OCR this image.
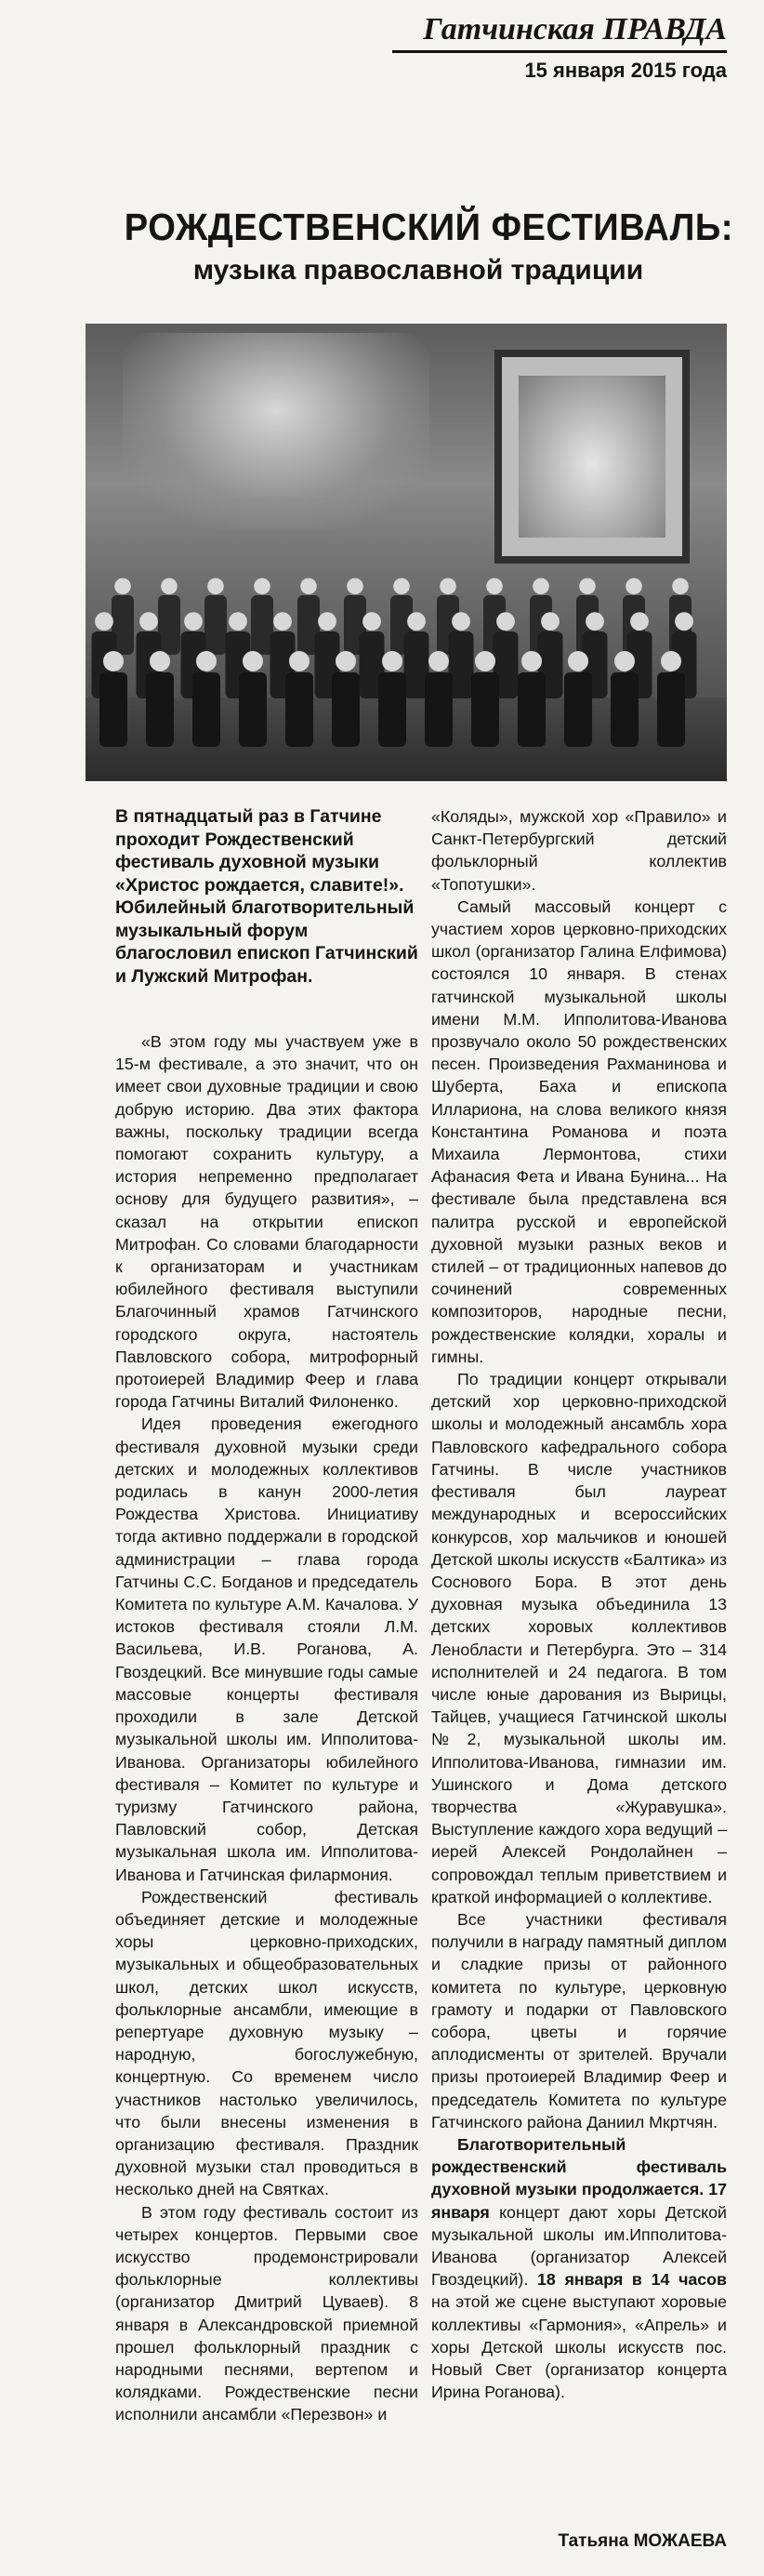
Гатчинская ПРАВДА
15 января 2015 года
РОЖДЕСТВЕНСКИЙ ФЕСТИВАЛЬ:
музыка православной традиции

В пятнадцатый раз в Гатчине проходит Рождественский фестиваль духовной музыки «Христос рождается, славите!». Юбилейный благотворительный музыкальный форум благословил епископ Гатчинский и Лужский Митрофан.

«В этом году мы участвуем уже в 15-м фестивале, а это значит, что он имеет свои духовные традиции и свою добрую историю. Два этих фактора важны, поскольку традиции всегда помогают сохранить культуру, а история непременно предполагает основу для будущего развития», – сказал на открытии епископ Митрофан. Со словами благодарности к организаторам и участникам юбилейного фестиваля выступили Благочинный храмов Гатчинского городского округа, настоятель Павловского собора, митрофорный протоиерей Владимир Феер и глава города Гатчины Виталий Филоненко.

Идея проведения ежегодного фестиваля духовной музыки среди детских и молодежных коллективов родилась в канун 2000-летия Рождества Христова. Инициативу тогда активно поддержали в городской администрации – глава города Гатчины С.С. Богданов и председатель Комитета по культуре А.М. Качалова. У истоков фестиваля стояли Л.М. Васильева, И.В. Роганова, А. Гвоздецкий. Все минувшие годы самые массовые концерты фестиваля проходили в зале Детской музыкальной школы им. Ипполитова-Иванова. Организаторы юбилейного фестиваля – Комитет по культуре и туризму Гатчинского района, Павловский собор, Детская музыкальная школа им. Ипполитова-Иванова и Гатчинская филармония.

Рождественский фестиваль объединяет детские и молодежные хоры церковно-приходских, музыкальных и общеобразовательных школ, детских школ искусств, фольклорные ансамбли, имеющие в репертуаре духовную музыку – народную, богослужебную, концертную. Со временем число участников настолько увеличилось, что были внесены изменения в организацию фестиваля. Праздник духовной музыки стал проводиться в несколько дней на Святках.

В этом году фестиваль состоит из четырех концертов. Первыми свое искусство продемонстрировали фольклорные коллективы (организатор Дмитрий Цуваев). 8 января в Александровской приемной прошел фольклорный праздник с народными песнями, вертепом и колядками. Рождественские песни исполнили ансамбли «Перезвон» и

«Коляды», мужской хор «Правило» и Санкт-Петербургский детский фольклорный коллектив «Топотушки».

Самый массовый концерт с участием хоров церковно-приходских школ (организатор Галина Елфимова) состоялся 10 января. В стенах гатчинской музыкальной школы имени М.М. Ипполитова-Иванова прозвучало около 50 рождественских песен. Произведения Рахманинова и Шуберта, Баха и епископа Иллариона, на слова великого князя Константина Романова и поэта Михаила Лермонтова, стихи Афанасия Фета и Ивана Бунина... На фестивале была представлена вся палитра русской и европейской духовной музыки разных веков и стилей – от традиционных напевов до сочинений современных композиторов, народные песни, рождественские колядки, хоралы и гимны.

По традиции концерт открывали детский хор церковно-приходской школы и молодежный ансамбль хора Павловского кафедрального собора Гатчины. В числе участников фестиваля был лауреат международных и всероссийских конкурсов, хор мальчиков и юношей Детской школы искусств «Балтика» из Соснового Бора. В этот день духовная музыка объединила 13 детских хоровых коллективов Ленобласти и Петербурга. Это – 314 исполнителей и 24 педагога. В том числе юные дарования из Вырицы, Тайцев, учащиеся Гатчинской школы №2, музыкальной школы им. Ипполитова-Иванова, гимназии им. Ушинского и Дома детского творчества «Журавушка». Выступление каждого хора ведущий – иерей Алексей Рондолайнен – сопровождал теплым приветствием и краткой информацией о коллективе.

Все участники фестиваля получили в награду памятный диплом и сладкие призы от районного комитета по культуре, церковную грамоту и подарки от Павловского собора, цветы и горячие аплодисменты от зрителей. Вручали призы протоиерей Владимир Феер и председатель Комитета по культуре Гатчинского района Даниил Мкртчян.

Благотворительный рождественский фестиваль духовной музыки продолжается. 17 января концерт дают хоры Детской музыкальной школы им.Ипполитова-Иванова (организатор Алексей Гвоздецкий). 18 января в 14 часов на этой же сцене выступают хоровые коллективы «Гармония», «Апрель» и хоры Детской школы искусств пос. Новый Свет (организатор концерта Ирина Роганова).

Татьяна МОЖАЕВА
